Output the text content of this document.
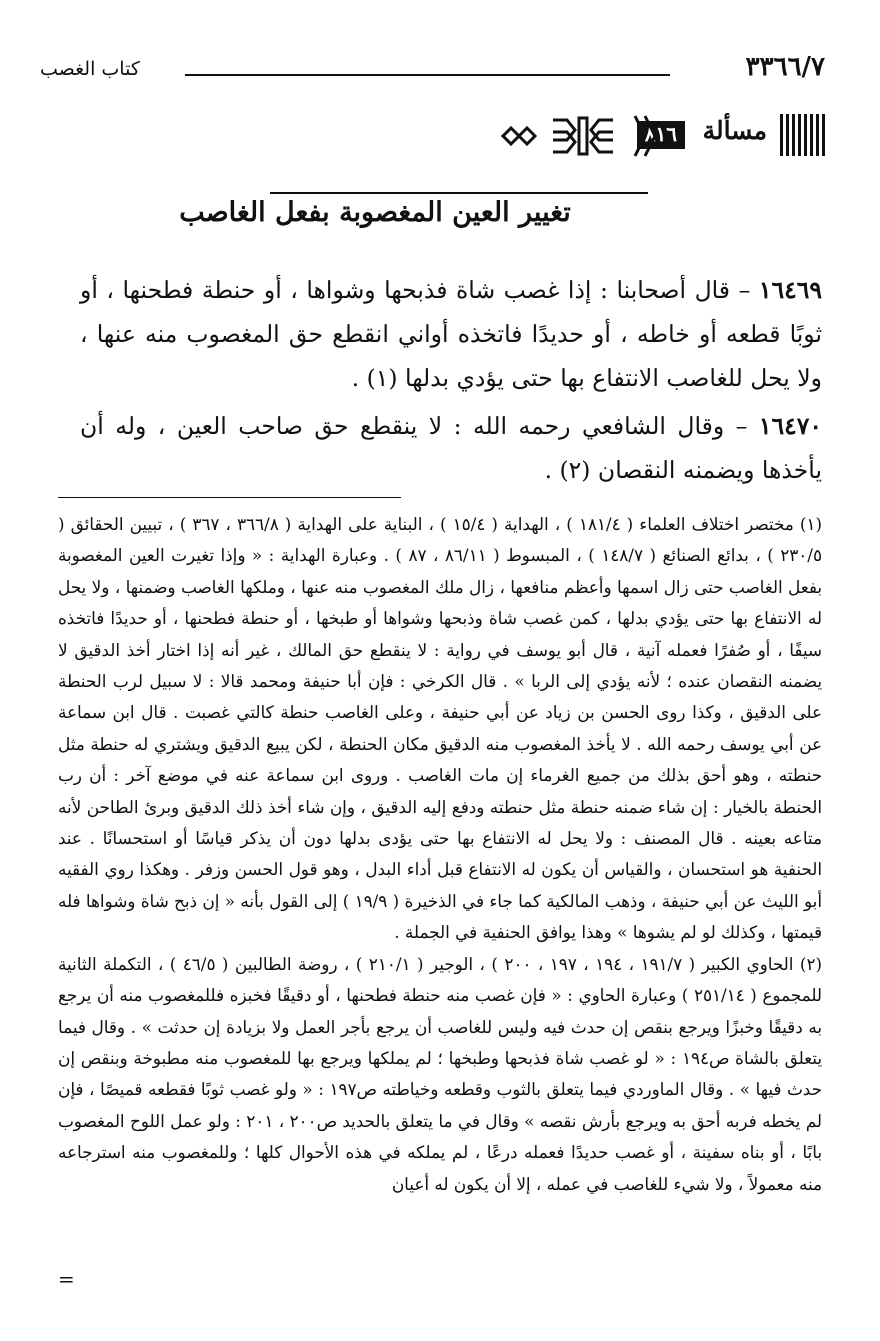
٣٣٦٦/٧
كتاب الغصب
مسألة
٨١٦
تغيير العين المغصوبة بفعل الغاصب

١٦٤٦٩ – قال أصحابنا : إذا غصب شاة فذبحها وشواها ، أو حنطة فطحنها ، أو ثوبًا قطعه أو خاطه ، أو حديدًا فاتخذه أواني انقطع حق المغصوب منه عنها ، ولا يحل للغاصب الانتفاع بها حتى يؤدي بدلها (١) .

١٦٤٧٠ – وقال الشافعي رحمه الله : لا ينقطع حق صاحب العين ، وله أن يأخذها ويضمنه النقصان (٢) .

(١) مختصر اختلاف العلماء ( ١٨١/٤ ) ، الهداية ( ١٥/٤ ) ، البناية على الهداية ( ٣٦٦/٨ ، ٣٦٧ ) ، تبيين الحقائق ( ٢٣٠/٥ ) ، بدائع الصنائع ( ١٤٨/٧ ) ، المبسوط ( ٨٦/١١ ، ٨٧ ) . وعبارة الهداية : « وإذا تغيرت العين المغصوبة بفعل الغاصب حتى زال اسمها وأعظم منافعها ، زال ملك المغصوب منه عنها ، وملكها الغاصب وضمنها ، ولا يحل له الانتفاع بها حتى يؤدي بدلها ، كمن غصب شاة وذبحها وشواها أو طبخها ، أو حنطة فطحنها ، أو حديدًا فاتخذه سيفًا ، أو صُفرًا فعمله آنية ، قال أبو يوسف في رواية : لا ينقطع حق المالك ، غير أنه إذا اختار أخذ الدقيق لا يضمنه النقصان عنده ؛ لأنه يؤدي إلى الربا » . قال الكرخي : فإن أبا حنيفة ومحمد قالا : لا سبيل لرب الحنطة على الدقيق ، وكذا روى الحسن بن زياد عن أبي حنيفة ، وعلى الغاصب حنطة كالتي غصبت . قال ابن سماعة عن أبي يوسف رحمه الله . لا يأخذ المغصوب منه الدقيق مكان الحنطة ، لكن يبيع الدقيق ويشتري له حنطة مثل حنطته ، وهو أحق بذلك من جميع الغرماء إن مات الغاصب . وروى ابن سماعة عنه في موضع آخر : أن رب الحنطة بالخيار : إن شاء ضمنه حنطة مثل حنطته ودفع إليه الدقيق ، وإن شاء أخذ ذلك الدقيق وبرئ الطاحن لأنه متاعه بعينه . قال المصنف : ولا يحل له الانتفاع بها حتى يؤدى بدلها دون أن يذكر قياسًا أو استحسانًا . عند الحنفية هو استحسان ، والقياس أن يكون له الانتفاع قبل أداء البدل ، وهو قول الحسن وزفر . وهكذا روي الفقيه أبو الليث عن أبي حنيفة ، وذهب المالكية كما جاء في الذخيرة ( ١٩/٩ ) إلى القول بأنه « إن ذبح شاة وشواها فله قيمتها ، وكذلك لو لم يشوها » وهذا يوافق الحنفية في الجملة .

(٢) الحاوي الكبير ( ١٩١/٧ ، ١٩٤ ، ١٩٧ ، ٢٠٠ ) ، الوجير ( ٢١٠/١ ) ، روضة الطالبين ( ٤٦/٥ ) ، التكملة الثانية للمجموع ( ٢٥١/١٤ ) وعبارة الحاوي : « فإن غصب منه حنطة فطحنها ، أو دقيقًا فخبزه فللمغصوب منه أن يرجع به دقيقًا وخبزًا ويرجع بنقص إن حدث فيه وليس للغاصب أن يرجع بأجر العمل ولا بزيادة إن حدثت » . وقال فيما يتعلق بالشاة ص١٩٤ : « لو غصب شاة فذبحها وطبخها ؛ لم يملكها ويرجع بها للمغصوب منه مطبوخة وبنقص إن حدث فيها » . وقال الماوردي فيما يتعلق بالثوب وقطعه وخياطته ص١٩٧ : « ولو غصب ثوبًا فقطعه قميصًا ، فإن لم يخطه فربه أحق به ويرجع بأرش نقصه » وقال في ما يتعلق بالحديد ص٢٠٠ ، ٢٠١ : ولو عمل اللوح المغصوب بابًا ، أو بناه سفينة ، أو غصب حديدًا فعمله درعًا ، لم يملكه في هذه الأحوال كلها ؛ وللمغصوب منه استرجاعه منه معمولاً ، ولا شيء للغاصب في عمله ، إلا أن يكون له أعيان

=
